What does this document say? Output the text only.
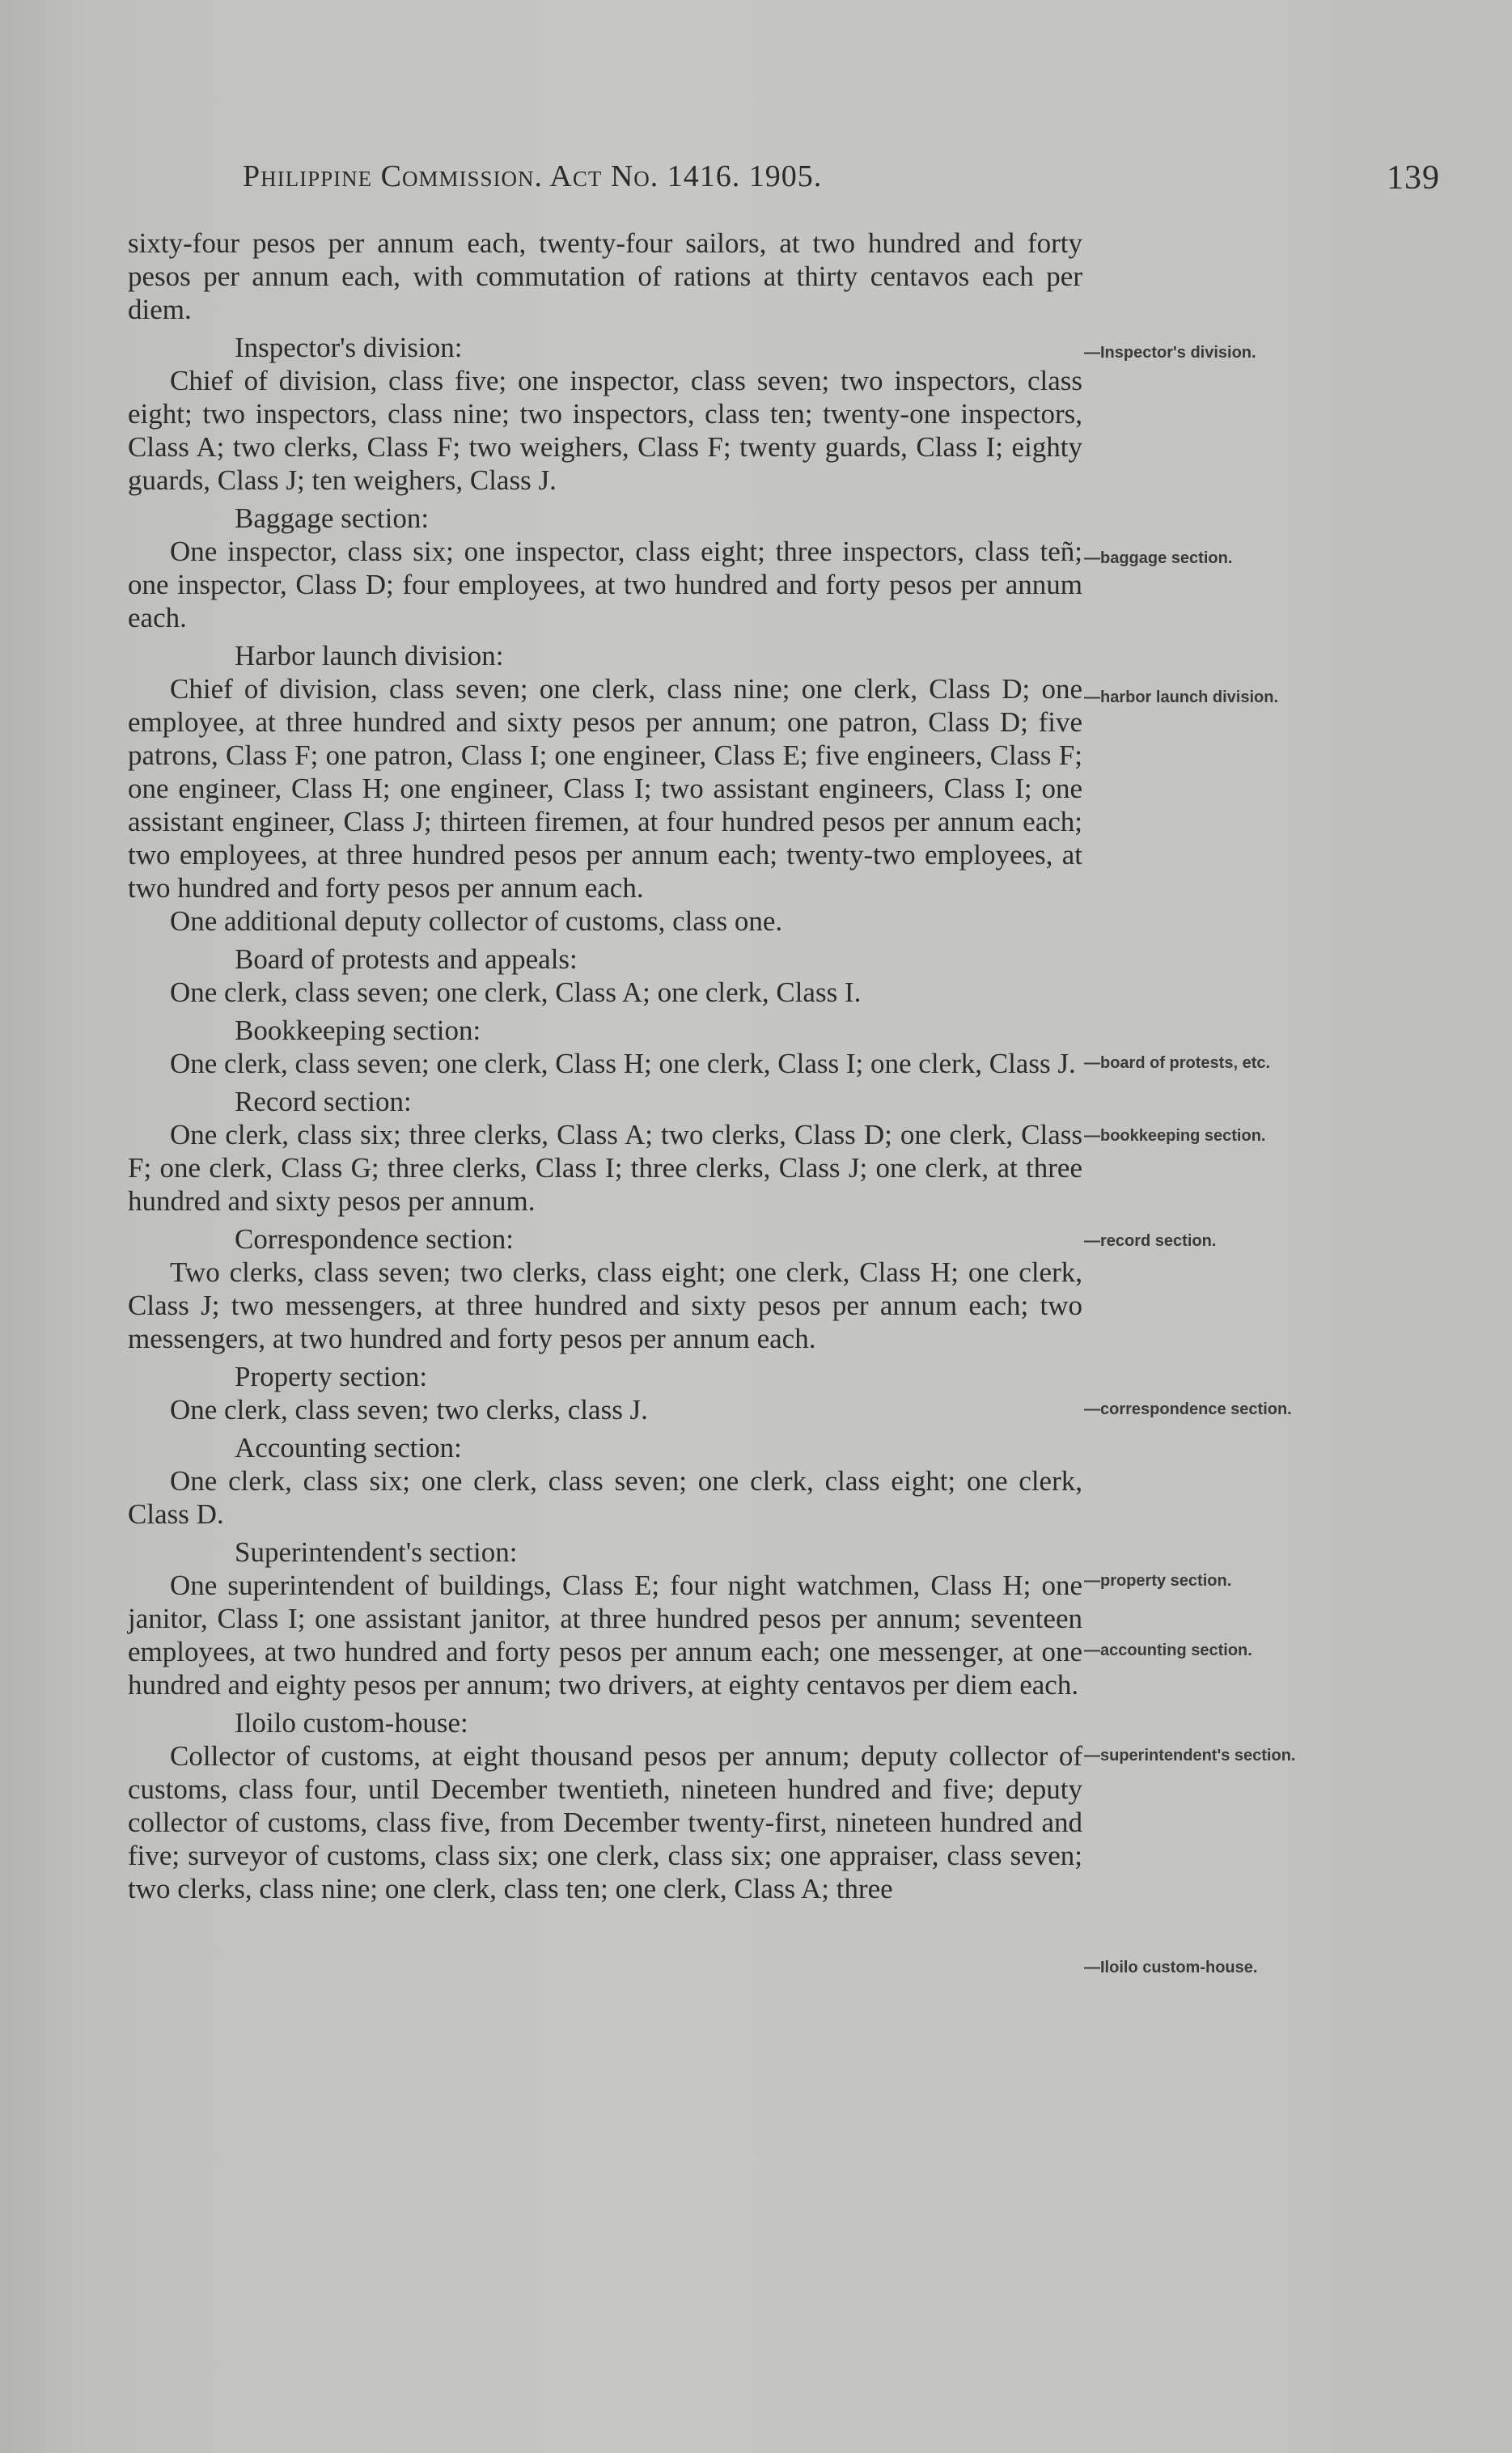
Philippine Commission. Act No. 1416. 1905.	139

sixty-four pesos per annum each, twenty-four sailors, at two hundred and forty pesos per annum each, with commutation of rations at thirty centavos each per diem.

Inspector's division:

Chief of division, class five; one inspector, class seven; two inspectors, class eight; two inspectors, class nine; two inspectors, class ten; twenty-one inspectors, Class A; two clerks, Class F; two weighers, Class F; twenty guards, Class I; eighty guards, Class J; ten weighers, Class J.

Baggage section:

One inspector, class six; one inspector, class eight; three inspectors, class teñ; one inspector, Class D; four employees, at two hundred and forty pesos per annum each.

Harbor launch division:

Chief of division, class seven; one clerk, class nine; one clerk, Class D; one employee, at three hundred and sixty pesos per annum; one patron, Class D; five patrons, Class F; one patron, Class I; one engineer, Class E; five engineers, Class F; one engineer, Class H; one engineer, Class I; two assistant engineers, Class I; one assistant engineer, Class J; thirteen firemen, at four hundred pesos per annum each; two employees, at three hundred pesos per annum each; twenty-two employees, at two hundred and forty pesos per annum each.

One additional deputy collector of customs, class one.

Board of protests and appeals:

One clerk, class seven; one clerk, Class A; one clerk, Class I.

Bookkeeping section:

One clerk, class seven; one clerk, Class H; one clerk, Class I; one clerk, Class J.

Record section:

One clerk, class six; three clerks, Class A; two clerks, Class D; one clerk, Class F; one clerk, Class G; three clerks, Class I; three clerks, Class J; one clerk, at three hundred and sixty pesos per annum.

Correspondence section:

Two clerks, class seven; two clerks, class eight; one clerk, Class H; one clerk, Class J; two messengers, at three hundred and sixty pesos per annum each; two messengers, at two hundred and forty pesos per annum each.

Property section:

One clerk, class seven; two clerks, class J.

Accounting section:

One clerk, class six; one clerk, class seven; one clerk, class eight; one clerk, Class D.

Superintendent's section:

One superintendent of buildings, Class E; four night watchmen, Class H; one janitor, Class I; one assistant janitor, at three hundred pesos per annum; seventeen employees, at two hundred and forty pesos per annum each; one messenger, at one hundred and eighty pesos per annum; two drivers, at eighty centavos per diem each.

Iloilo custom-house:

Collector of customs, at eight thousand pesos per annum; deputy collector of customs, class four, until December twentieth, nineteen hundred and five; deputy collector of customs, class five, from December twenty-first, nineteen hundred and five; surveyor of customs, class six; one clerk, class six; one appraiser, class seven; two clerks, class nine; one clerk, class ten; one clerk, Class A; three

—Inspector's division.
—baggage section.
—harbor launch division.
—board of protests, etc.
—bookkeeping section.
—record section.
—correspondence section.
—property section.
—accounting section.
—superintendent's section.
—Iloilo custom-house.
